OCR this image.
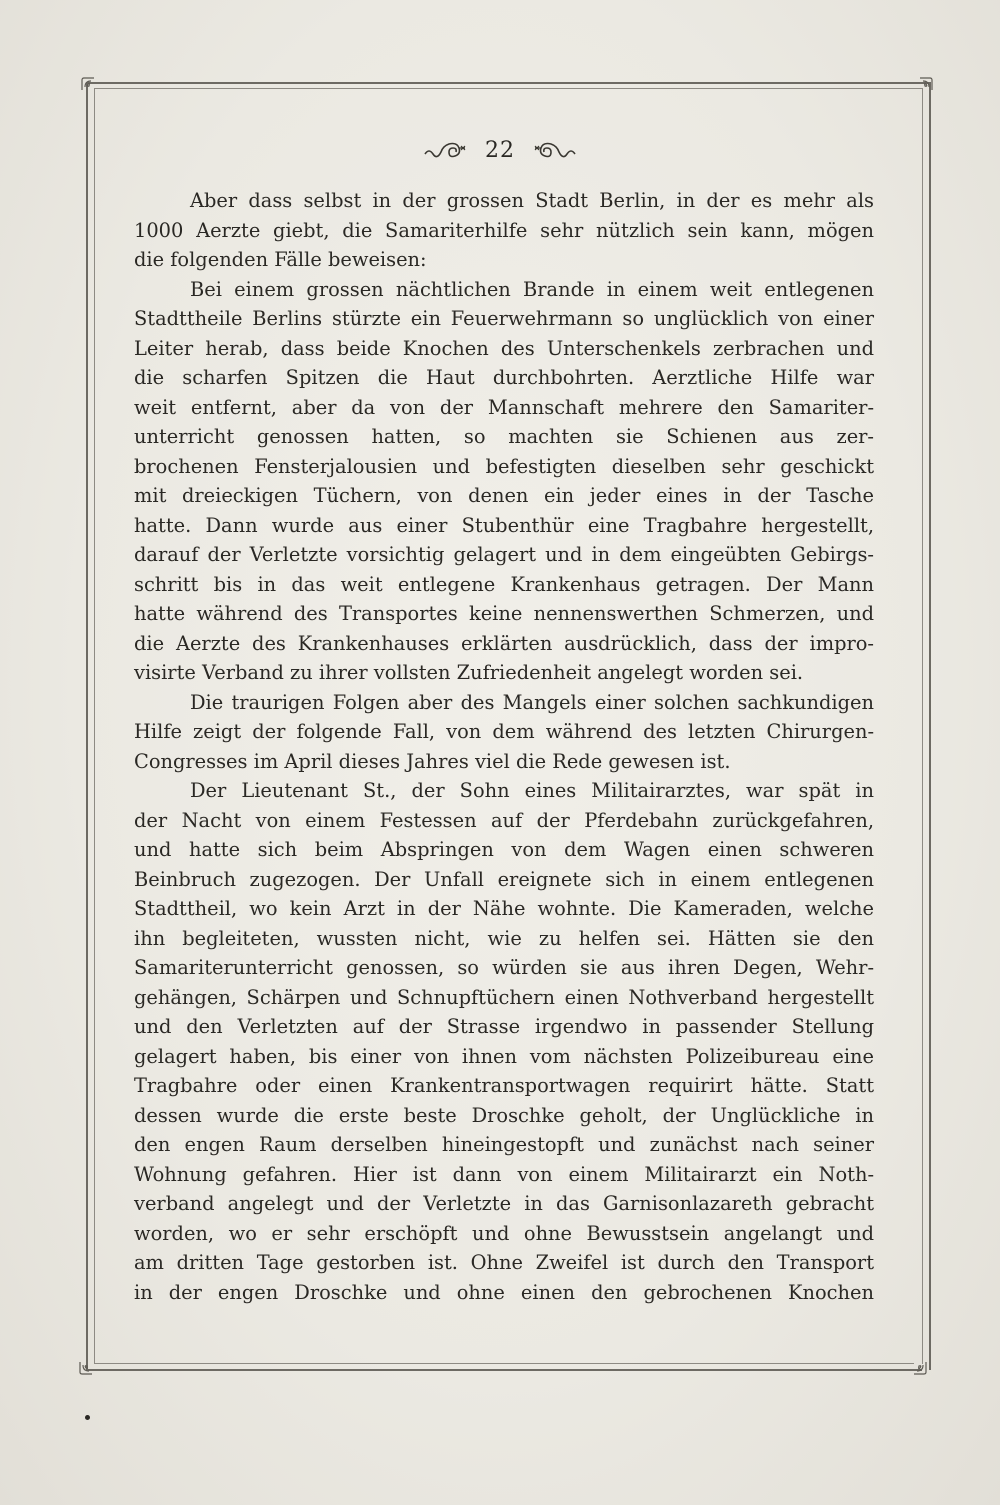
22
Aber dass selbst in der grossen Stadt Berlin, in der es mehr als
1000 Aerzte giebt, die Samariterhilfe sehr nützlich sein kann, mögen
die folgenden Fälle beweisen:
Bei einem grossen nächtlichen Brande in einem weit entlegenen
Stadttheile Berlins stürzte ein Feuerwehrmann so unglücklich von einer
Leiter herab, dass beide Knochen des Unterschenkels zerbrachen und
die scharfen Spitzen die Haut durchbohrten. Aerztliche Hilfe war
weit entfernt, aber da von der Mannschaft mehrere den Samariter-
unterricht genossen hatten, so machten sie Schienen aus zer-
brochenen Fensterjalousien und befestigten dieselben sehr geschickt
mit dreieckigen Tüchern, von denen ein jeder eines in der Tasche
hatte. Dann wurde aus einer Stubenthür eine Tragbahre hergestellt,
darauf der Verletzte vorsichtig gelagert und in dem eingeübten Gebirgs-
schritt bis in das weit entlegene Krankenhaus getragen. Der Mann
hatte während des Transportes keine nennenswerthen Schmerzen, und
die Aerzte des Krankenhauses erklärten ausdrücklich, dass der impro-
visirte Verband zu ihrer vollsten Zufriedenheit angelegt worden sei.
Die traurigen Folgen aber des Mangels einer solchen sachkundigen
Hilfe zeigt der folgende Fall, von dem während des letzten Chirurgen-
Congresses im April dieses Jahres viel die Rede gewesen ist.
Der Lieutenant St., der Sohn eines Militairarztes, war spät in
der Nacht von einem Festessen auf der Pferdebahn zurückgefahren,
und hatte sich beim Abspringen von dem Wagen einen schweren
Beinbruch zugezogen. Der Unfall ereignete sich in einem entlegenen
Stadttheil, wo kein Arzt in der Nähe wohnte. Die Kameraden, welche
ihn begleiteten, wussten nicht, wie zu helfen sei. Hätten sie den
Samariterunterricht genossen, so würden sie aus ihren Degen, Wehr-
gehängen, Schärpen und Schnupftüchern einen Nothverband hergestellt
und den Verletzten auf der Strasse irgendwo in passender Stellung
gelagert haben, bis einer von ihnen vom nächsten Polizeibureau eine
Tragbahre oder einen Krankentransportwagen requirirt hätte. Statt
dessen wurde die erste beste Droschke geholt, der Unglückliche in
den engen Raum derselben hineingestopft und zunächst nach seiner
Wohnung gefahren. Hier ist dann von einem Militairarzt ein Noth-
verband angelegt und der Verletzte in das Garnisonlazareth gebracht
worden, wo er sehr erschöpft und ohne Bewusstsein angelangt und
am dritten Tage gestorben ist. Ohne Zweifel ist durch den Transport
in der engen Droschke und ohne einen den gebrochenen Knochen
